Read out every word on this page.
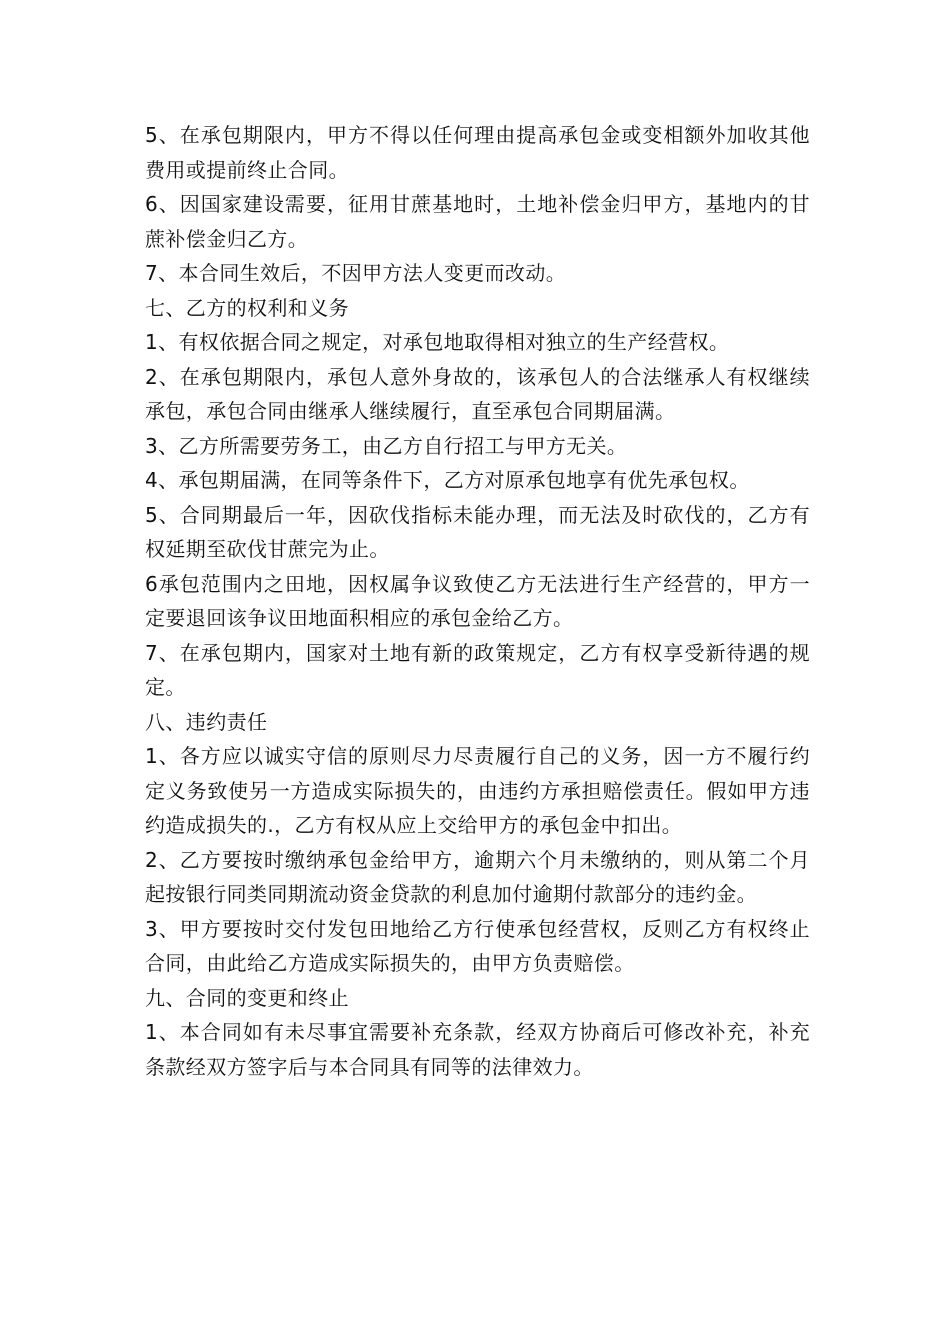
5、在承包期限内，甲方不得以任何理由提高承包金或变相额外加收其他费用或提前终止合同。

6、因国家建设需要，征用甘蔗基地时，土地补偿金归甲方，基地内的甘蔗补偿金归乙方。

7、本合同生效后，不因甲方法人变更而改动。

七、乙方的权利和义务

1、有权依据合同之规定，对承包地取得相对独立的生产经营权。

2、在承包期限内，承包人意外身故的，该承包人的合法继承人有权继续承包，承包合同由继承人继续履行，直至承包合同期届满。

3、乙方所需要劳务工，由乙方自行招工与甲方无关。

4、承包期届满，在同等条件下，乙方对原承包地享有优先承包权。

5、合同期最后一年，因砍伐指标未能办理，而无法及时砍伐的，乙方有权延期至砍伐甘蔗完为止。

6承包范围内之田地，因权属争议致使乙方无法进行生产经营的，甲方一定要退回该争议田地面积相应的承包金给乙方。

7、在承包期内，国家对土地有新的政策规定，乙方有权享受新待遇的规定。

八、违约责任

1、各方应以诚实守信的原则尽力尽责履行自己的义务，因一方不履行约定义务致使另一方造成实际损失的，由违约方承担赔偿责任。假如甲方违约造成损失的.，乙方有权从应上交给甲方的承包金中扣出。

2、乙方要按时缴纳承包金给甲方，逾期六个月未缴纳的，则从第二个月起按银行同类同期流动资金贷款的利息加付逾期付款部分的违约金。

3、甲方要按时交付发包田地给乙方行使承包经营权，反则乙方有权终止合同，由此给乙方造成实际损失的，由甲方负责赔偿。

九、合同的变更和终止

1、本合同如有未尽事宜需要补充条款，经双方协商后可修改补充，补充条款经双方签字后与本合同具有同等的法律效力。
